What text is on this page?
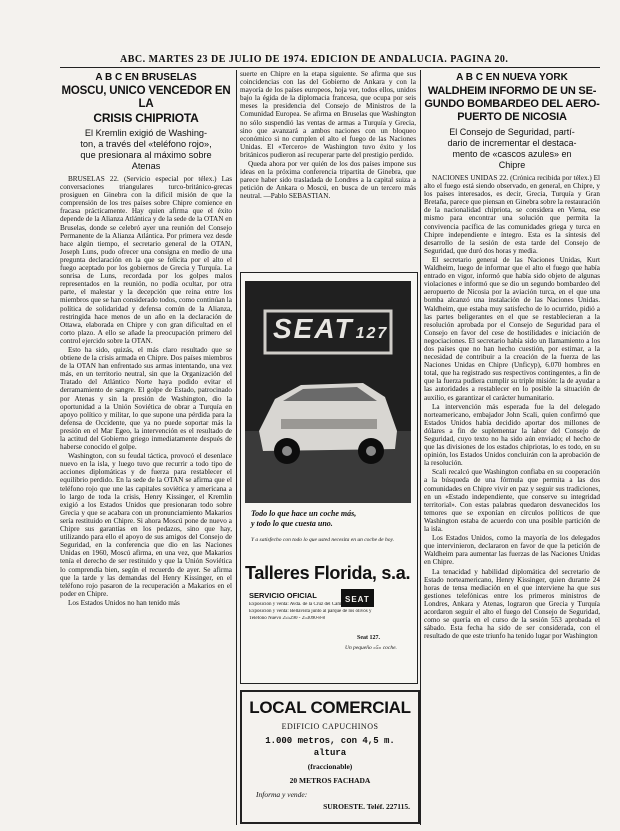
ABC. MARTES 23 DE JULIO DE 1974. EDICION DE ANDALUCIA. PAGINA 20.
A B C EN BRUSELAS
MOSCU, UNICO VENCEDOR EN LA
CRISIS CHIPRIOTA
El Kremlin exigió de Washing-
ton, a través del «teléfono rojo»,
que presionara al máximo sobre
Atenas

BRUSELAS 22. (Servicio especial por télex.) Las conversaciones triangulares turco-británico-grecas prosiguen en Ginebra con la difícil misión de que la comprensión de los tres países sobre Chipre comience en fracasa prácticamente. Hay quien afirma que el éxito depende de la Alianza Atlántica y de la sede de la OTAN en Bruselas, donde se celebró ayer una reunión del Consejo Permanente de la Alianza Atlántica. Por primera vez desde hace algún tiempo, el secretario general de la OTAN, Joseph Luns, pudo ofrecer una consigna en medio de una pregunta declaración en la que se felicita por el alto el fuego aceptado por los gobiernos de Grecia y Turquía. La sonrisa de Luns, recordada por los golpes malos representados en la reunión, no podía ocultar, por otra parte, el malestar y la decepción que reina entre los miembros que se han considerado todos, como continúan la política de solidaridad y defensa común de la Alianza, restringida hace menos de un año en la declaración de Ottawa, elaborada en Chipre y con gran dificultad en el corto plazo. A ello se añade la preocupación primero del control ejercido sobre la OTAN.

Esto ha sido, quizás, el más claro resultado que se obtiene de la crisis armada en Chipre. Dos países miembros de la OTAN han enfrentado sus armas intentando, una vez más, en un territorio neutral, sin que la Organización del Tratado del Atlántico Norte haya podido evitar el derramamiento de sangre. El golpe de Estado, patrocinado por Atenas y sin la presión de Washington, dio la oportunidad a la Unión Soviética de obrar a Turquía en apoyo político y militar, lo que supone una pérdida para la defensa de Occidente, que ya no puede soportar más la presión en el Mar Egeo, la intervención es el resultado de la actitud del Gobierno griego inmediatamente después de haberse conocido el golpe.

Washington, con su feudal táctica, provocó el desenlace nuevo en la isla, y luego tuvo que recurrir a todo tipo de acciones diplomáticas y de fuerza para restablecer el equilibrio perdido. En la sede de la OTAN se afirma que el teléfono rojo que une las capitales soviética y americana a lo largo de toda la crisis, Henry Kissinger, el Kremlin exigió a los Estados Unidos que presionaran todo sobre Grecia y que se acabara con un pronunciamiento Makarios sería restituido en Chipre. Si ahora Moscú pone de nuevo a Chipre sus garantías en los pedazos, sino que hay, utilizando para ello el apoyo de sus amigos del Consejo de Seguridad, en la conferencia que dio en las Naciones Unidas en 1960, Moscú afirma, en una vez, que Makarios tenía el derecho de ser restituido y que la Unión Soviética lo comprendía bien, según el recuerdo de ayer. Se afirma que la tarde y las demandas del Henry Kissinger, en el teléfono rojo pasaron de la recuperación a Makarios en el poder en Chipre.

Los Estados Unidos no han tenido más

suerte en Chipre en la etapa siguiente. Se afirma que sus coincidencias con las del Gobierno de Ankara y con la mayoría de los países europeos, hoja ver, todos ellos, unidos bajo la égida de la diplomacia francesa, que ocupa por seis meses la presidencia del Consejo de Ministros de la Comunidad Europea. Se afirma en Bruselas que Washington no sólo suspendió las ventas de armas a Turquía y Grecia, sino que avanzará a ambos naciones con un bloqueo económico si no cumplen el alto el fuego de las Naciones Unidas. El «Tercero» de Washington tuvo éxito y los británicos pudieron así recuperar parte del prestigio perdido.

Queda ahora por ver quién de los dos países impone sus ideas en la próxima conferencia tripartita de Ginebra, que parece haber sido trasladada de Londres a la capital suiza a petición de Ankara o Moscú, en busca de un tercero más neutral. —Pablo SEBASTIAN.

SEAT 127
Todo lo que hace un coche más,
y todo lo que cuesta uno.
Y a satisfecho con todo lo que usted necesita en un coche de hoy.
Talleres Florida, s.a.
SERVICIO OFICIAL	SEAT
Exposición y venta: Avda. de la Cruz del Campo, s/n
Exposición y venta: Bellavista junto al parque de los olivos y
Teléfono Nuevo 255290 - 253090-8-8
Seat 127.
Un pequeño «5» coche.
LOCAL COMERCIAL
EDIFICIO CAPUCHINOS
1.000 metros, con 4,5 m.
altura
(fraccionable)
20 METROS FACHADA
Informa y vende:
SUROESTE. Teléf. 227115.
A B C EN NUEVA YORK
WALDHEIM INFORMO DE UN SE-
GUNDO BOMBARDEO DEL AERO-
PUERTO DE NICOSIA
El Consejo de Seguridad, partí-
dario de incrementar el destaca-
mento de «cascos azules» en
Chipre

NACIONES UNIDAS 22. (Crónica recibida por télex.) El alto el fuego está siendo observado, en general, en Chipre, y los países interesados, es decir, Grecia, Turquía y Gran Bretaña, parece que piensan en Ginebra sobre la restauración de la nacionalidad chipriota, se considera en Viena, ese mismo para encontrar una solución que permita la convivencia pacífica de las comunidades griega y turca en Chipre independiente e íntegro. Esta es la síntesis del desarrollo de la sesión de esta tarde del Consejo de Seguridad, que duró dos horas y media.

El secretario general de las Naciones Unidas, Kurt Waldheim, luego de informar que el alto el fuego que había entrado en vigor, informó que había sido objeto de algunas violaciones e informó que se dio un segundo bombardeo del aeropuerto de Nicosia por la aviación turca, en el que una bomba alcanzó una instalación de las Naciones Unidas. Waldheim, que estaba muy satisfecho de lo ocurrido, pidió a las partes beligerantes en el que se restablecieran a la resolución aprobada por el Consejo de Seguridad para el Consejo en favor del cese de hostilidades e iniciación de negociaciones. El secretario había sido un llamamiento a los dos países que no han hecho cuestión, por estimar, a la necesidad de contribuir a la creación de la fuerza de las Naciones Unidas en Chipre (Unficyp), 6.070 hombres en total, que ha registrado sus respectivos contingentes, a fin de que la fuerza pudiera cumplir su triple misión: la de ayudar a las autoridades a restablecer en lo posible la situación de auxilio, es garantizar el carácter humanitario.

La intervención más esperada fue la del delegado norteamericano, embajador John Scali, quien confirmó que Estados Unidos había decidido aportar dos millones de dólares a fin de suplementar la labor del Consejo de Seguridad, cuyo texto no ha sido aún enviado; el hecho de que las divisiones de los estados chipriotas, lo es todo, en su opinión, los Estados Unidos concluirán con la aprobación de la resolución.

Scali recalcó que Washington confiaba en su cooperación a la búsqueda de una fórmula que permita a las dos comunidades en Chipre vivir en paz y seguir sus tradiciones, en un «Estado independiente, que conserve su integridad territorial». Con estas palabras quedaron desvanecidos los temores que se exponían en círculos políticos de que Washington estaba de acuerdo con una posible partición de la isla.

Los Estados Unidos, como la mayoría de los delegados que intervinieron, declararon en favor de que la petición de Waldheim para aumentar las fuerzas de las Naciones Unidas en Chipre.

La tenacidad y habilidad diplomática del secretario de Estado norteamericano, Henry Kissinger, quien durante 24 horas de tensa mediación en el que interviene ha que sus gestiones telefónicas entre los primeros ministros de Londres, Ankara y Atenas, lograron que Grecia y Turquía acordaron seguir el alto el fuego del Consejo de Seguridad, como se quería en el curso de la sesión 553 aprobada el sábado. Esta fecha ha sido de ser considerada, con el resultado de que este triunfo ha tenido lugar por Washington
